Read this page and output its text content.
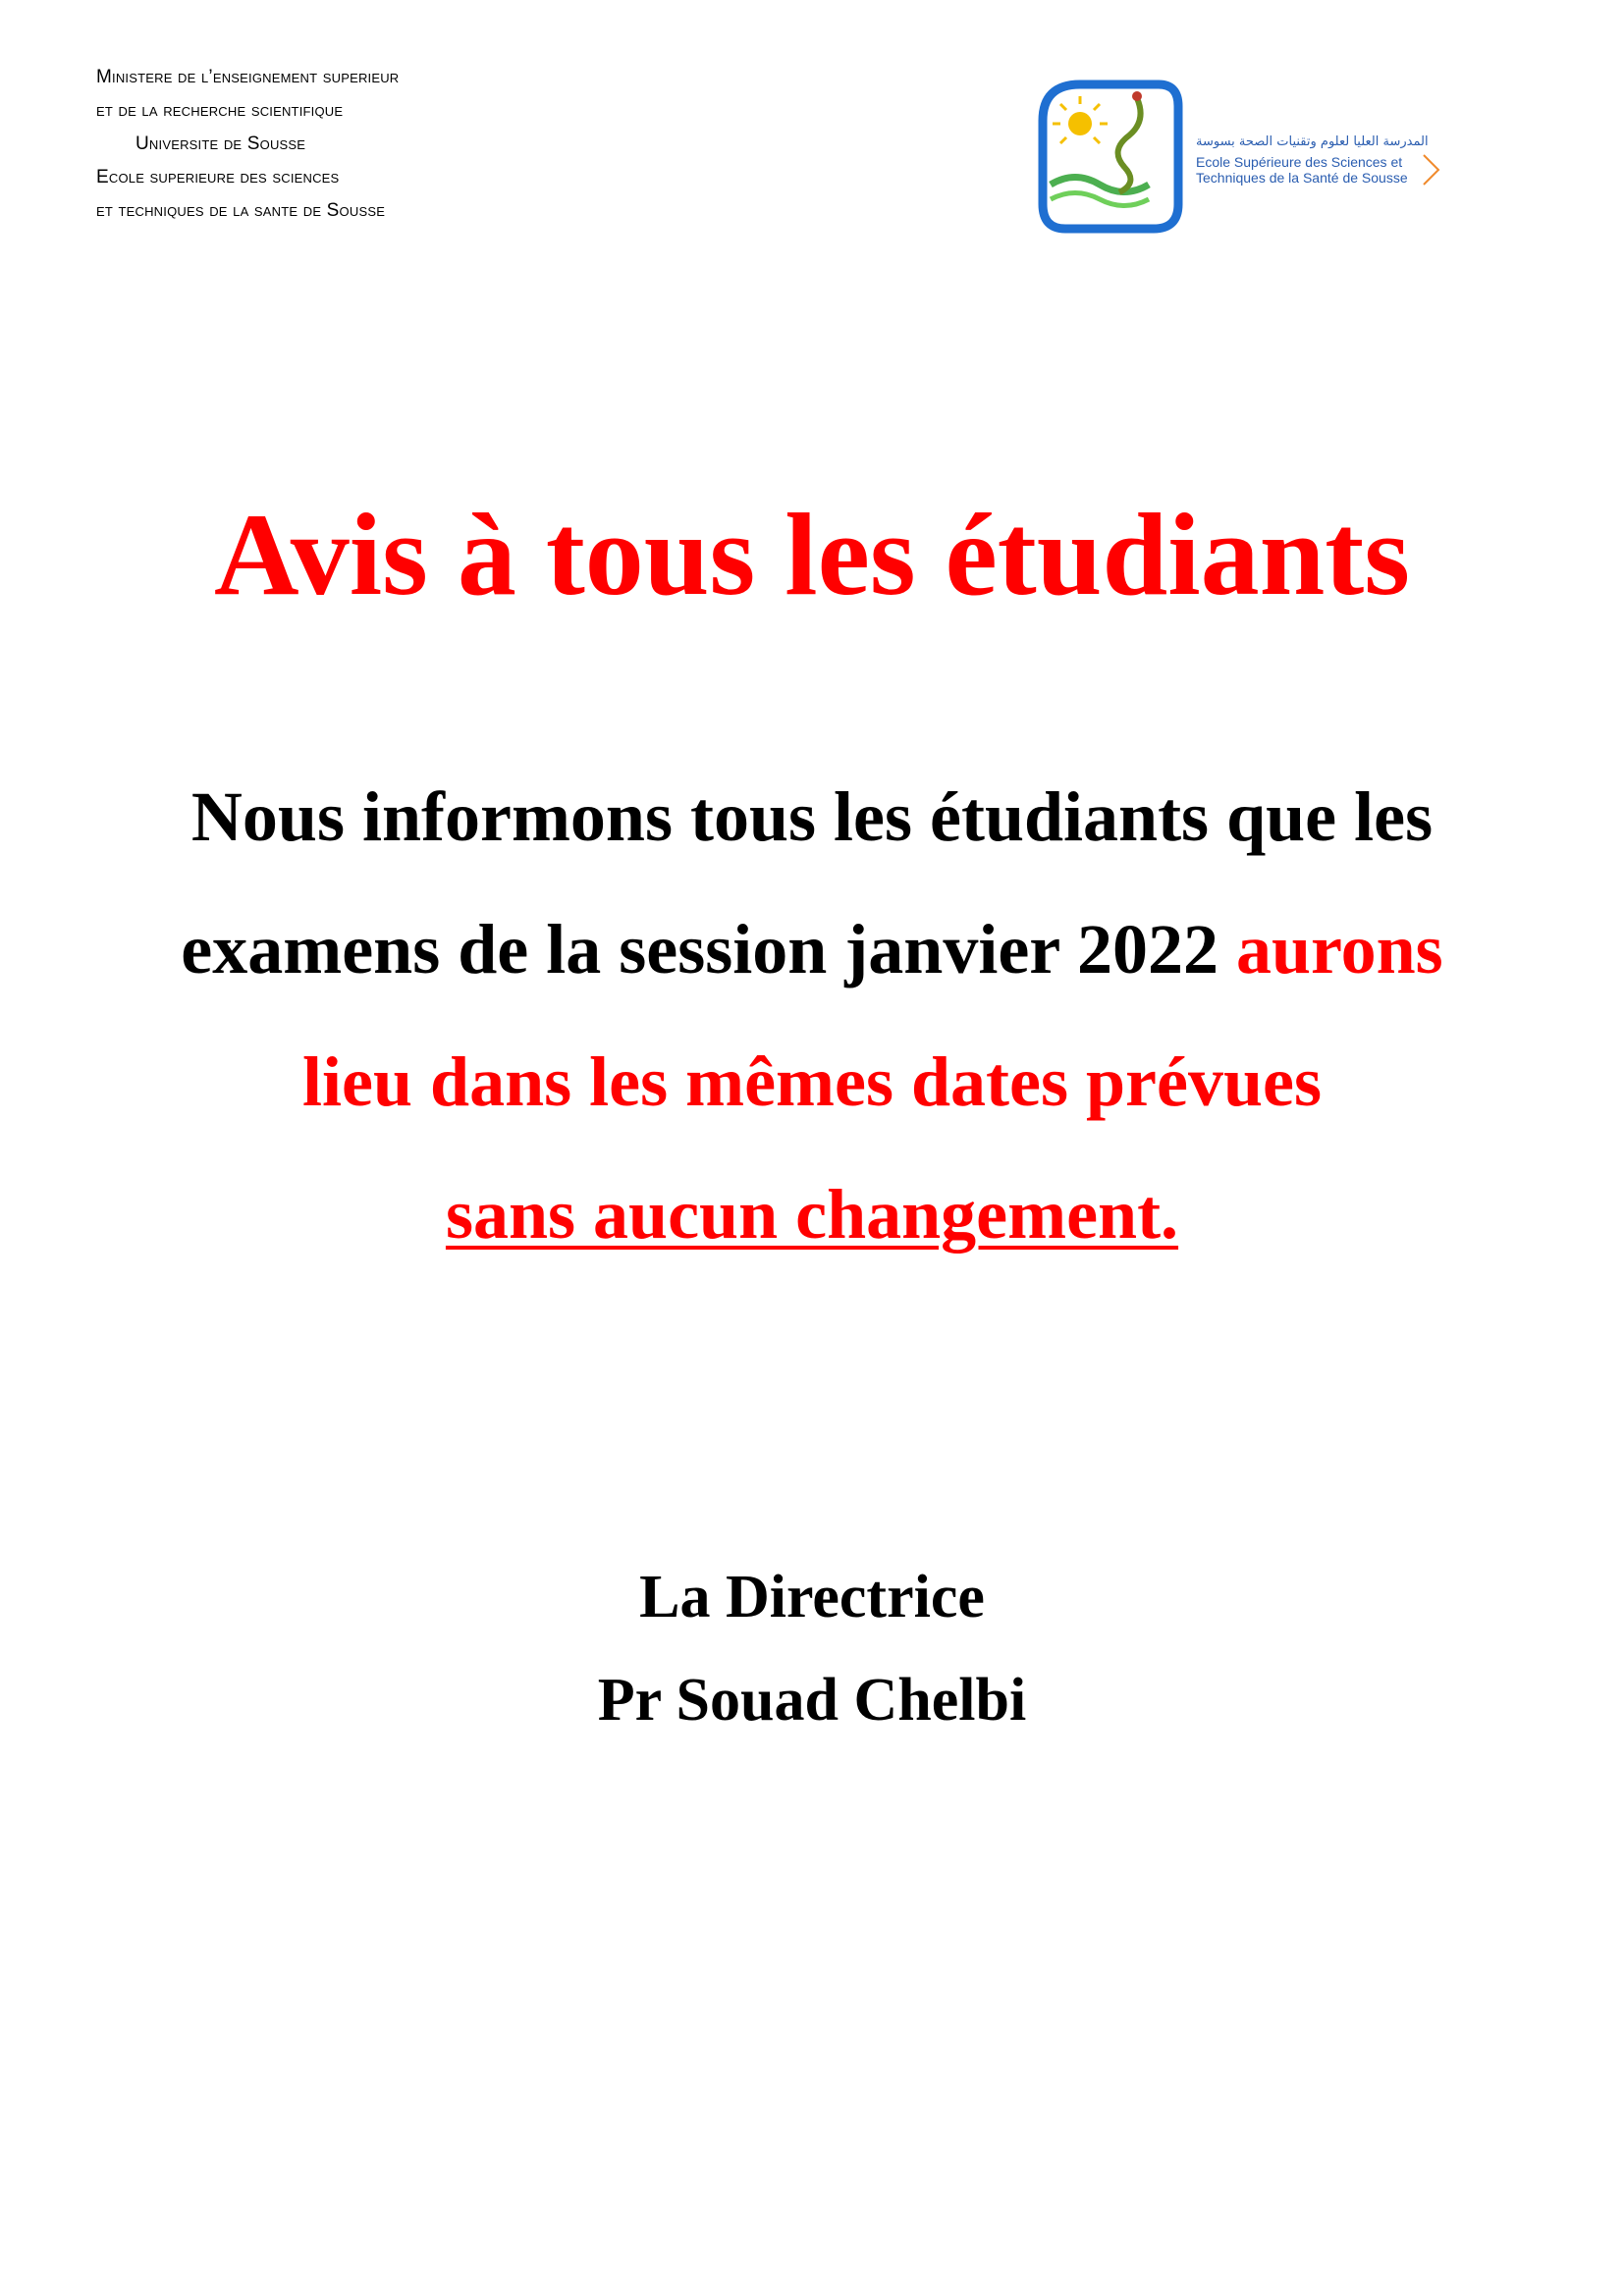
Ministere de l’enseignement superieur
et de la recherche scientifique
Universite de Sousse
Ecole superieure des sciences
et techniques de la sante de Sousse
المدرسة العليا لعلوم وتقنيات الصحة بسوسة
Ecole Supérieure des Sciences et
Techniques de la Santé de Sousse
Avis à tous les étudiants
Nous informons tous les étudiants que les
examens de la session janvier 2022 aurons
lieu dans les mêmes dates prévues
sans aucun changement.
La Directrice
Pr Souad Chelbi
